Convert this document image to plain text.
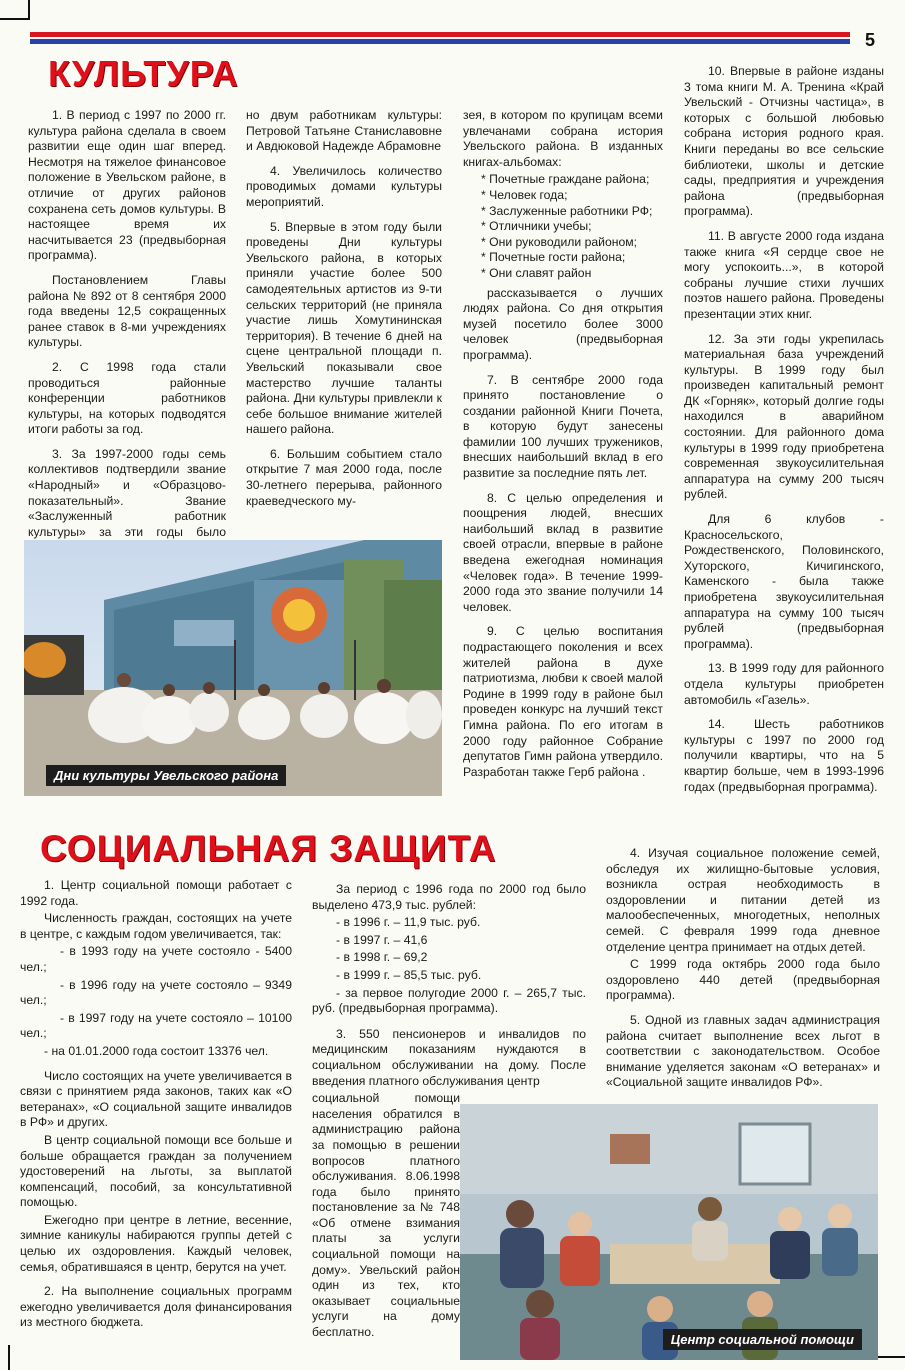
5
КУЛЬТУРА

1. В период с 1997 по 2000 гг. культура района сделала в своем развитии еще один шаг вперед. Несмотря на тяжелое финансовое положение в Увельском районе, в отличие от других районов сохранена сеть домов культуры. В настоящее время их насчитывается 23 (предвыборная программа).

Постановлением Главы района № 892 от 8 сентября 2000 года введены 12,5 сокращенных ранее ставок в 8-ми учреждениях культуры.

2. С 1998 года стали проводиться районные конференции работников культуры, на которых подводятся итоги работы за год.

3. За 1997-2000 годы семь коллективов подтвердили звание «Народный» и «Образцово-показательный». Звание «Заслуженный работник культуры» за эти годы было

но двум работникам культуры: Петровой Татьяне Станиславовне и Авдюковой Надежде Абрамовне

4. Увеличилось количество проводимых домами культуры мероприятий.

5. Впервые в этом году были проведены Дни культуры Увельского района, в которых приняли участие более 500 самодеятельных артистов из 9-ти сельских территорий (не приняла участие лишь Хомутининская территория). В течение 6 дней на сцене центральной площади п. Увельский показывали свое мастерство лучшие таланты района. Дни культуры привлекли к себе большое внимание жителей нашего района.

6. Большим событием стало открытие 7 мая 2000 года, после 30-летнего перерыва, районного краеведческого му-

зея, в котором по крупицам всеми увлечанами собрана история Увельского района. В изданных книгах-альбомах:

* Почетные граждане района;
* Человек года;
* Заслуженные работники РФ;
* Отличники учебы;
* Они руководили районом;
* Почетные гости района;
* Они славят район

рассказывается о лучших людях района. Со дня открытия музей посетило более 3000 человек (предвыборная программа).

7. В сентябре 2000 года принято постановление о создании районной Книги Почета, в которую будут занесены фамилии 100 лучших тружеников, внесших наибольший вклад в его развитие за последние пять лет.

8. С целью определения и поощрения людей, внесших наибольший вклад в развитие своей отрасли, впервые в районе введена ежегодная номинация «Человек года». В течение 1999-2000 года это звание получили 14 человек.

9. С целью воспитания подрастающего поколения и всех жителей района в духе патриотизма, любви к своей малой Родине в 1999 году в районе был проведен конкурс на лучший текст Гимна района. По его итогам в 2000 году районное Собрание депутатов Гимн района утвердило. Разработан также Герб района .

10. Впервые в районе изданы 3 тома книги М. А. Тренина «Край Увельский - Отчизны частица», в которых с большой любовью собрана история родного края. Книги переданы во все сельские библиотеки, школы и детские сады, предприятия и учреждения района (предвыборная программа).

11. В августе 2000 года издана также книга «Я сердце свое не могу успокоить...», в которой собраны лучшие стихи лучших поэтов нашего района. Проведены презентации этих книг.

12. За эти годы укрепилась материальная база учреждений культуры. В 1999 году был произведен капитальный ремонт ДК «Горняк», который долгие годы находился в аварийном состоянии. Для районного дома культуры в 1999 году приобретена современная звукоусилительная аппаратура на сумму 200 тысяч рублей.

Для 6 клубов - Красносельского, Рождественского, Половинского, Хуторского, Кичигинского, Каменского - была также приобретена звукоусилительная аппаратура на сумму 100 тысяч рублей (предвыборная программа).

13. В 1999 году для районного отдела культуры приобретен автомобиль «Газель».

14. Шесть работников культуры с 1997 по 2000 год получили квартиры, что на 5 квартир больше, чем в 1993-1996 годах (предвыборная программа).

Дни культуры Увельского района
СОЦИАЛЬНАЯ ЗАЩИТА

1. Центр социальной помощи работает с 1992 года.

Численность граждан, состоящих на учете в центре, с каждым годом увеличивается, так:

- в 1993 году на учете состояло - 5400 чел.;

- в 1996 году на учете состояло – 9349 чел.;

- в 1997 году на учете состояло – 10100 чел.;

- на 01.01.2000 года состоит 13376 чел.

Число состоящих на учете увеличивается в связи с принятием ряда законов, таких как «О ветеранах», «О социальной защите инвалидов в РФ» и других.

В центр социальной помощи все больше и больше обращается граждан за получением удостоверений на льготы, за выплатой компенсаций, пособий, за консультативной помощью.

Ежегодно при центре в летние, весенние, зимние каникулы набираются группы детей с целью их оздоровления. Каждый человек, семья, обратившаяся в центр, берутся на учет.

2. На выполнение социальных программ ежегодно увеличивается доля финансирования из местного бюджета.

За период с 1996 года по 2000 год было выделено 473,9 тыс. рублей:

- в 1996 г. – 11,9 тыс. руб.

- в 1997 г. – 41,6

- в 1998 г. – 69,2

- в 1999 г. – 85,5 тыс. руб.

- за первое полугодие 2000 г. – 265,7 тыс. руб. (предвыборная программа).

3. 550 пенсионеров и инвалидов по медицинским показаниям нуждаются в социальном обслуживании на дому. После введения платного обслуживания центр

социальной помощи населения обратился в администрацию района за помощью в решении вопросов платного обслуживания. 8.06.1998 года было принято постановление за № 748 «Об отмене взимания платы за услуги социальной помощи на дому». Увельский район один из тех, кто оказывает социальные услуги на дому бесплатно.

4. Изучая социальное положение семей, обследуя их жилищно-бытовые условия, возникла острая необходимость в оздоровлении и питании детей из малообеспеченных, многодетных, неполных семей. С февраля 1999 года дневное отделение центра принимает на отдых детей.

С 1999 года октябрь 2000 года было оздоровлено 440 детей (предвыборная программа).

5. Одной из главных задач администрация района считает выполнение всех льгот в соответствии с законодательством. Особое внимание уделяется законам «О ветеранах» и «Социальной защите инвалидов РФ».

Центр социальной помощи
